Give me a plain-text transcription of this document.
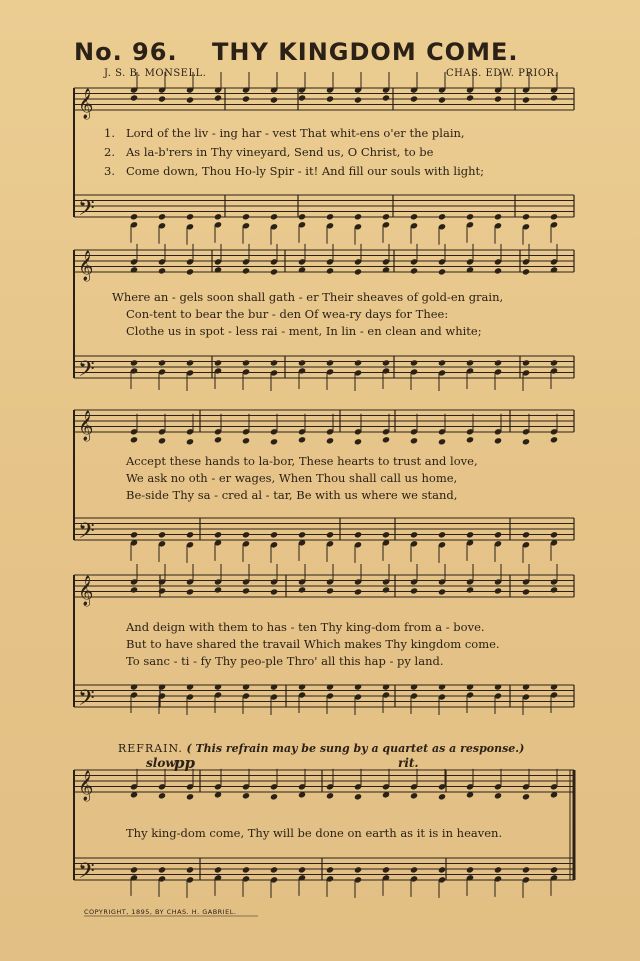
No. 96. THY KINGDOM COME.
J. S. B. MONSELL.	CHAS. EDW. PRIOR.
𝄞
𝄢
𝄞
𝄢
𝄞
𝄢
𝄞
𝄢
𝄞
𝄢
1. Lord of the liv - ing har - vest That whit-ens o'er the plain,
2. As la-b'rers in Thy vineyard, Send us, O Christ, to be
3. Come down, Thou Ho-ly Spir - it! And fill our souls with light;
Where an - gels soon shall gath - er Their sheaves of gold-en grain,
Con-tent to bear the bur - den Of wea-ry days for Thee:
Clothe us in spot - less rai - ment, In lin - en clean and white;
Accept these hands to la-bor, These hearts to trust and love,
We ask no oth - er wages, When Thou shall call us home,
Be-side Thy sa - cred al - tar, Be with us where we stand,
And deign with them to has - ten Thy king-dom from a - bove.
But to have shared the travail Which makes Thy kingdom come.
To sanc - ti - fy Thy peo-ple Thro' all this hap - py land.
REFRAIN. ( This refrain may be sung by a quartet as a response.)
slow.
pp	rit.
Thy king-dom come, Thy will be done on earth as it is in heaven.
COPYRIGHT, 1895, BY CHAS. H. GABRIEL.
